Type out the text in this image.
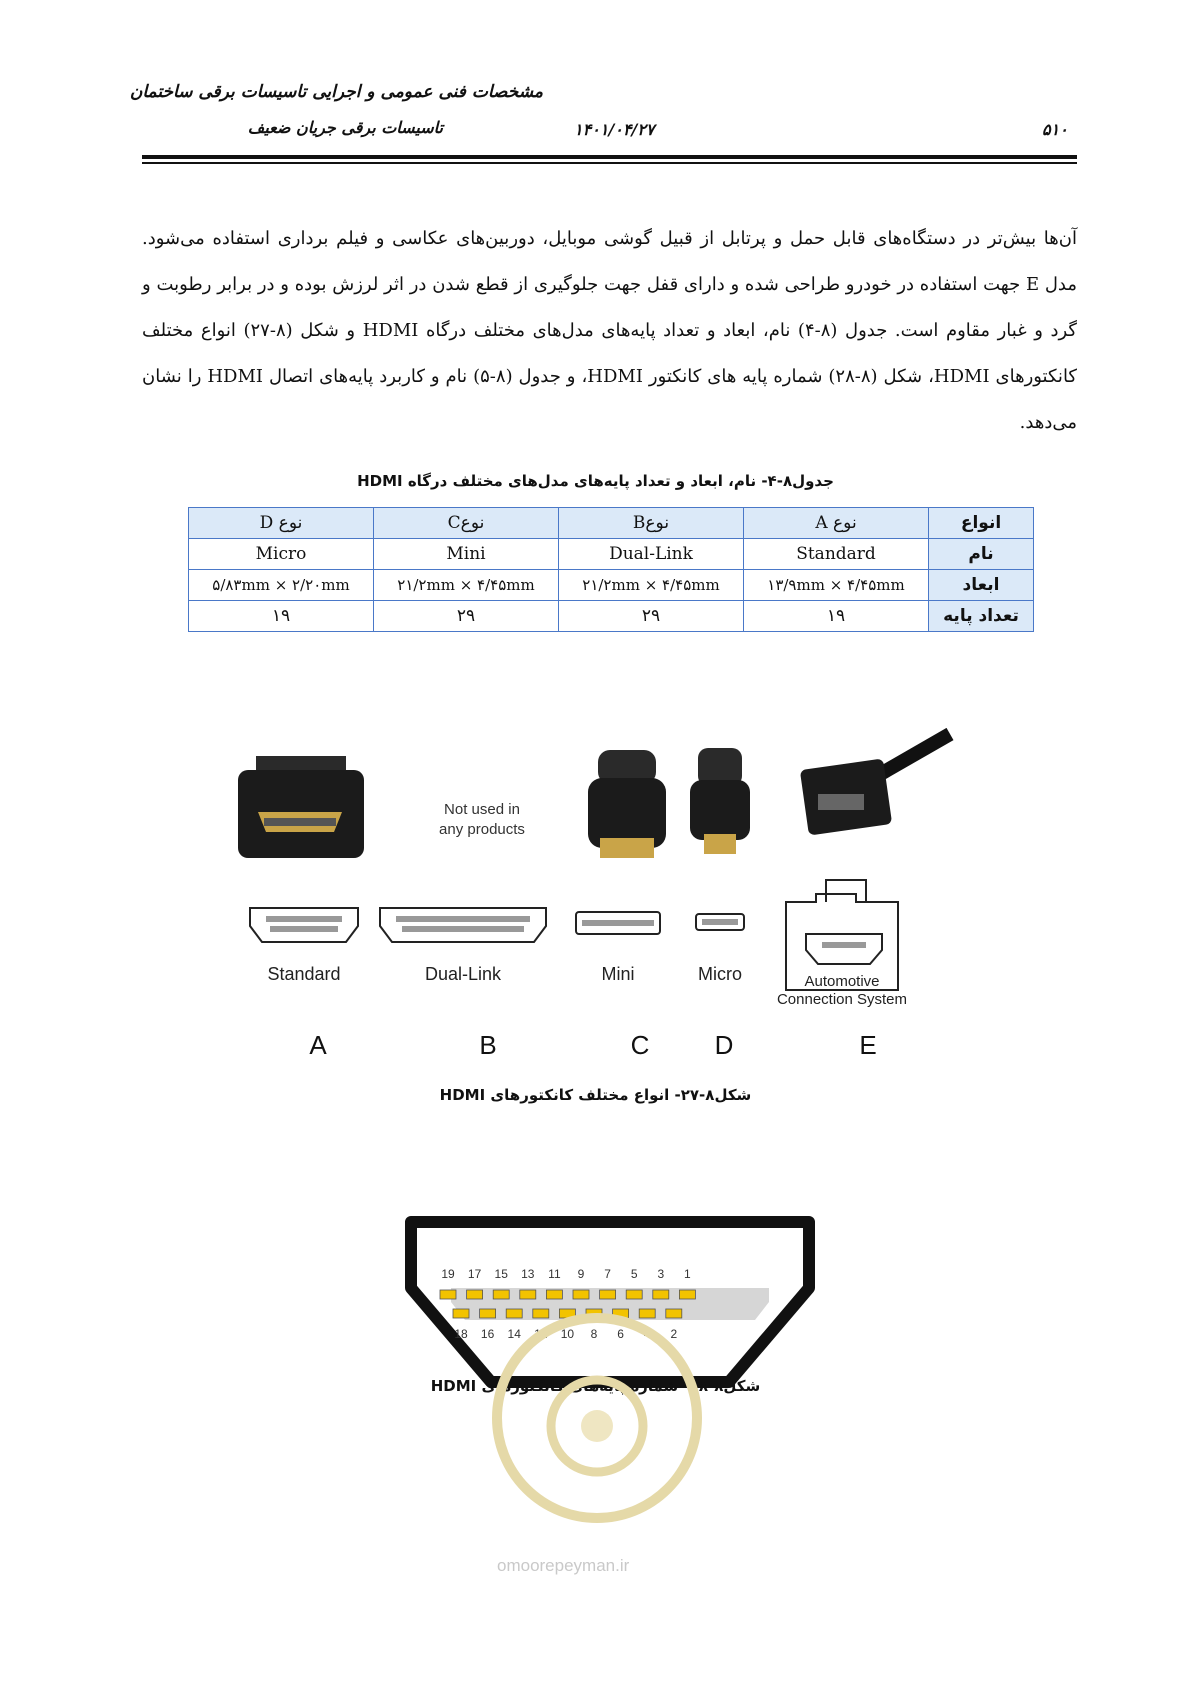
مشخصات فنی عمومی و اجرایی تاسیسات برقی ساختمان
تاسیسات برقی جریان ضعیف	۱۴۰۱/۰۴/۲۷	۵۱۰
آن‌ها بیش‌تر در دستگاه‌های قابل حمل و پرتابل از قبیل گوشی موبایل، دوربین‌های عکاسی و فیلم برداری استفاده می‌شود. مدل E جهت استفاده در خودرو طراحی شده و دارای قفل جهت جلوگیری از قطع شدن در اثر لرزش بوده و در برابر رطوبت و گرد و غبار مقاوم است. جدول (۸-۴) نام، ابعاد و تعداد پایه‌های مدل‌های مختلف درگاه HDMI و شکل (۸-۲۷) انواع مختلف کانکتورهای HDMI، شکل (۸-۲۸) شماره پایه های کانکتور HDMI، و جدول (۸-۵) نام و کاربرد پایه‌های اتصال HDMI را نشان می‌دهد.
جدول۸-۴- نام، ابعاد و تعداد پایه‌های مدل‌های مختلف درگاه HDMI
انواع	نوع A	نوعB	نوعC	نوع D
نام	Standard	Dual-Link	Mini	Micro
ابعاد	۱۳/۹mm × ۴/۴۵mm	۲۱/۲mm × ۴/۴۵mm	۲۱/۲mm × ۴/۴۵mm	۵/۸۳mm × ۲/۲۰mm
تعداد پایه	۱۹	۲۹	۲۹	۱۹
Not used in
any products
Standard	Dual-Link	Mini	Micro	Automotive
Connection System
A	B	C	D	E
شکل۸-۲۷- انواع مختلف کانکتورهای HDMI
19 17 15 13 11 9 7 5 3 1
18 16 14 12 10 8 6 4 2
شکل۸-۲۸- شماره پایه‌های کانکتورهای HDMI
omoorepeyman.ir
